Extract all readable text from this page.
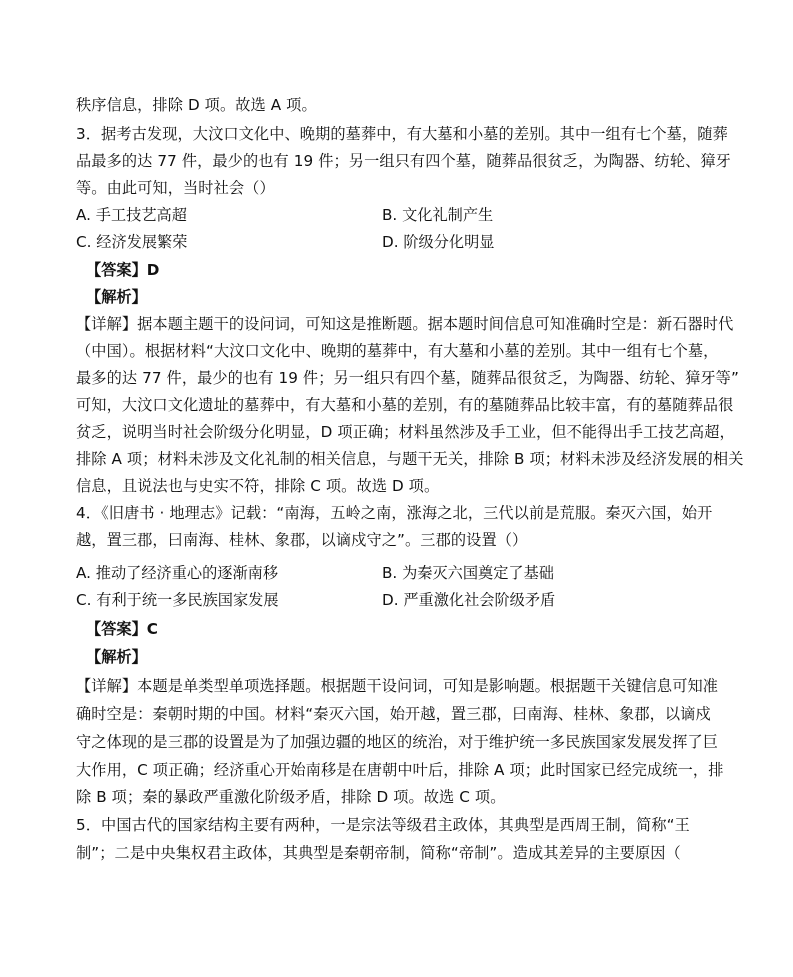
秩序信息，排除 D 项。故选 A 项。
3．据考古发现，大汶口文化中、晚期的墓葬中，有大墓和小墓的差别。其中一组有七个墓，随葬
品最多的达 77 件，最少的也有 19 件；另一组只有四个墓，随葬品很贫乏，为陶器、纺轮、獐牙
等。由此可知，当时社会（）
A. 手工技艺高超	B. 文化礼制产生
C. 经济发展繁荣	D. 阶级分化明显
【答案】D
【解析】
【详解】据本题主题干的设问词，可知这是推断题。据本题时间信息可知准确时空是：新石器时代
（中国）。根据材料“大汶口文化中、晚期的墓葬中，有大墓和小墓的差别。其中一组有七个墓，
最多的达 77 件，最少的也有 19 件；另一组只有四个墓，随葬品很贫乏，为陶器、纺轮、獐牙等”
可知，大汶口文化遗址的墓葬中，有大墓和小墓的差别，有的墓随葬品比较丰富，有的墓随葬品很
贫乏，说明当时社会阶级分化明显，D 项正确；材料虽然涉及手工业，但不能得出手工技艺高超，
排除 A 项；材料未涉及文化礼制的相关信息，与题干无关，排除 B 项；材料未涉及经济发展的相关
信息，且说法也与史实不符，排除 C 项。故选 D 项。
4．《旧唐书 · 地理志》记载：“南海，五岭之南，涨海之北，三代以前是荒服。秦灭六国，始开
越，置三郡，曰南海、桂林、象郡，以谪戍守之”。三郡的设置（）
A. 推动了经济重心的逐渐南移	B. 为秦灭六国奠定了基础
C. 有利于统一多民族国家发展	D. 严重激化社会阶级矛盾
【答案】C
【解析】
【详解】本题是单类型单项选择题。根据题干设问词，可知是影响题。根据题干关键信息可知准
确时空是：秦朝时期的中国。材料“秦灭六国，始开越，置三郡，曰南海、桂林、象郡，以谪戍
守之体现的是三郡的设置是为了加强边疆的地区的统治，对于维护统一多民族国家发展发挥了巨
大作用，C 项正确；经济重心开始南移是在唐朝中叶后，排除 A 项；此时国家已经完成统一，排
除 B 项；秦的暴政严重激化阶级矛盾，排除 D 项。故选 C 项。
5．中国古代的国家结构主要有两种，一是宗法等级君主政体，其典型是西周王制，简称“王
制”；二是中央集权君主政体，其典型是秦朝帝制，简称“帝制”。造成其差异的主要原因（
